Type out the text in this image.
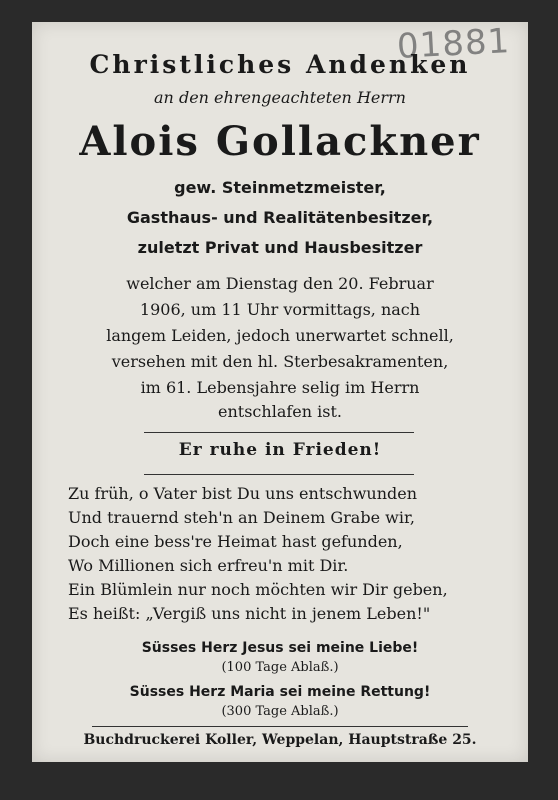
01881
Christliches Andenken
an den ehrengeachteten Herrn
Alois Gollackner
gew. Steinmetzmeister,
Gasthaus- und Realitätenbesitzer,
zuletzt Privat und Hausbesitzer
welcher am Dienstag den 20. Februar
1906, um 11 Uhr vormittags, nach
langem Leiden, jedoch unerwartet schnell,
versehen mit den hl. Sterbesakramenten,
im 61. Lebensjahre selig im Herrn
entschlafen ist.
Er ruhe in Frieden!
Zu früh, o Vater bist Du uns entschwunden
Und trauernd steh'n an Deinem Grabe wir,
Doch eine bess're Heimat hast gefunden,
Wo Millionen sich erfreu'n mit Dir.
Ein Blümlein nur noch möchten wir Dir geben,
Es heißt: „Vergiß uns nicht in jenem Leben!"
Süsses Herz Jesus sei meine Liebe!
(100 Tage Ablaß.)
Süsses Herz Maria sei meine Rettung!
(300 Tage Ablaß.)
Buchdruckerei Koller, Weppelan, Hauptstraße 25.
